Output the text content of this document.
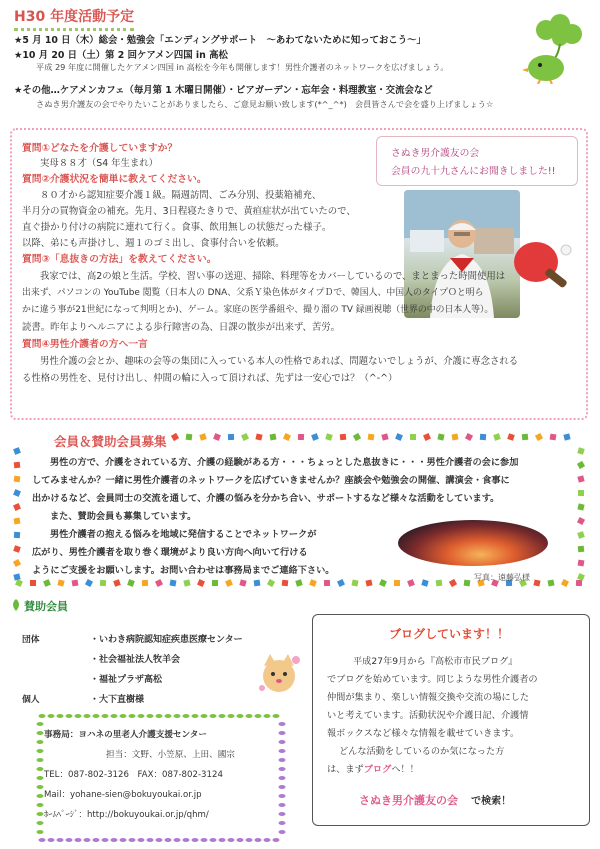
H30 年度活動予定
★5 月 10 日（木）総会・勉強会「エンディングサポート　～あわてないために知っておこう～」
★10 月 20 日（土）第 2 回ケアメン四国 in 高松
平成 29 年度に開催したケアメン四国 in 高松を今年も開催します！男性介護者のネットワークを広げましょう。
★その他…ケアメンカフェ（毎月第 1 木曜日開催）・ビアガーデン・忘年会・料理教室・交流会など
さぬき男介護友の会でやりたいことがありましたら、ご意見お願い致します(*^_^*)　会員皆さんで会を盛り上げましょう☆
さぬき男介護友の会
会員の九十九さんにお聞きしました!!
質問①どなたを介護していますか？
実母８８才（S4 年生まれ）
質問②介護状況を簡単に教えてください。
８０才から認知症要介護１級。隔週訪問、ごみ分別、投薬箱補充、
半月分の買物資金の補充。先月、3日程寝たきりで、黄疸症状が出ていたので、
直ぐ掛かり付けの病院に連れて行く。食事、飲用無しの状態だった様子。
以降、弟にも声掛けし、週１のゴミ出し、食事付合いを依頼。
質問③「息抜きの方法」を教えてください。
我家では、高2の娘と生活。学校、習い事の送迎、掃除、料理等をカバーしているので、まとまった時間使用は
出来ず、パソコンの YouTube 閲覧（日本人の DNA、父系Ｙ染色体がタイプＤで、韓国人、中国人のタイプＯと明ら
かに違う事が21世紀になって判明とか)、ゲーム。家庭の医学番組や、撮り溜の TV 録画視聴（世界の中の日本人等）。
読書。昨年よりヘルニアによる歩行障害の為、日課の散歩が出来ず、苦労。
質問④男性介護者の方へ一言
男性介護の会とか、趣味の会等の集団に入っている本人の性格であれば、問題ないでしょうが、介護に専念される
る性格の男性を、見付け出し、仲間の輪に入って頂ければ、先ずは一安心では？（^-^）
会員＆賛助会員募集
男性の方で、介護をされている方、介護の経験がある方・・・ちょっとした息抜きに・・・男性介護者の会に参加
してみませんか？一緒に男性介護者のネットワークを広げていきませんか？座談会や勉強会の開催、講演会・食事に
出かけるなど、会員同士の交流を通して、介護の悩みを分かち合い、サポートするなど様々な活動をしています。
また、賛助会員も募集しています。
男性介護者の抱える悩みを地域に発信することでネットワークが
広がり、男性介護者を取り巻く環境がより良い方向へ向いて行ける
ようにご支援をお願いします。お問い合わせは事務局までご連絡下さい。
写真：遠藤弘様
賛助会員
団体	・いわき病院認知症疾患医療センター
・社会福祉法人牧羊会
・福祉プラザ高松
個人	・大下直樹様
事務局：ヨハネの里老人介護支援センター
担当：文野、小笠原、上田、國宗
TEL：087-802-3126　FAX：087-802-3124
Mail：yohane-sien@bokuyoukai.or.jp
ﾎｰﾑﾍﾟｰｼﾞ：http://bokuyoukai.or.jp/qhm/
ブログしています！！
平成27年9月から『高松市市民ブログ』
でブログを始めています。同じような男性介護者の
仲間が集まり、楽しい情報交換や交流の場にした
いと考えています。活動状況や介護日記、介護情
報ボックスなど様々な情報を載せていきます。
どんな活動をしているのか気になった方
は、まずブログへ！！
さぬき男介護友の会 で検索！
